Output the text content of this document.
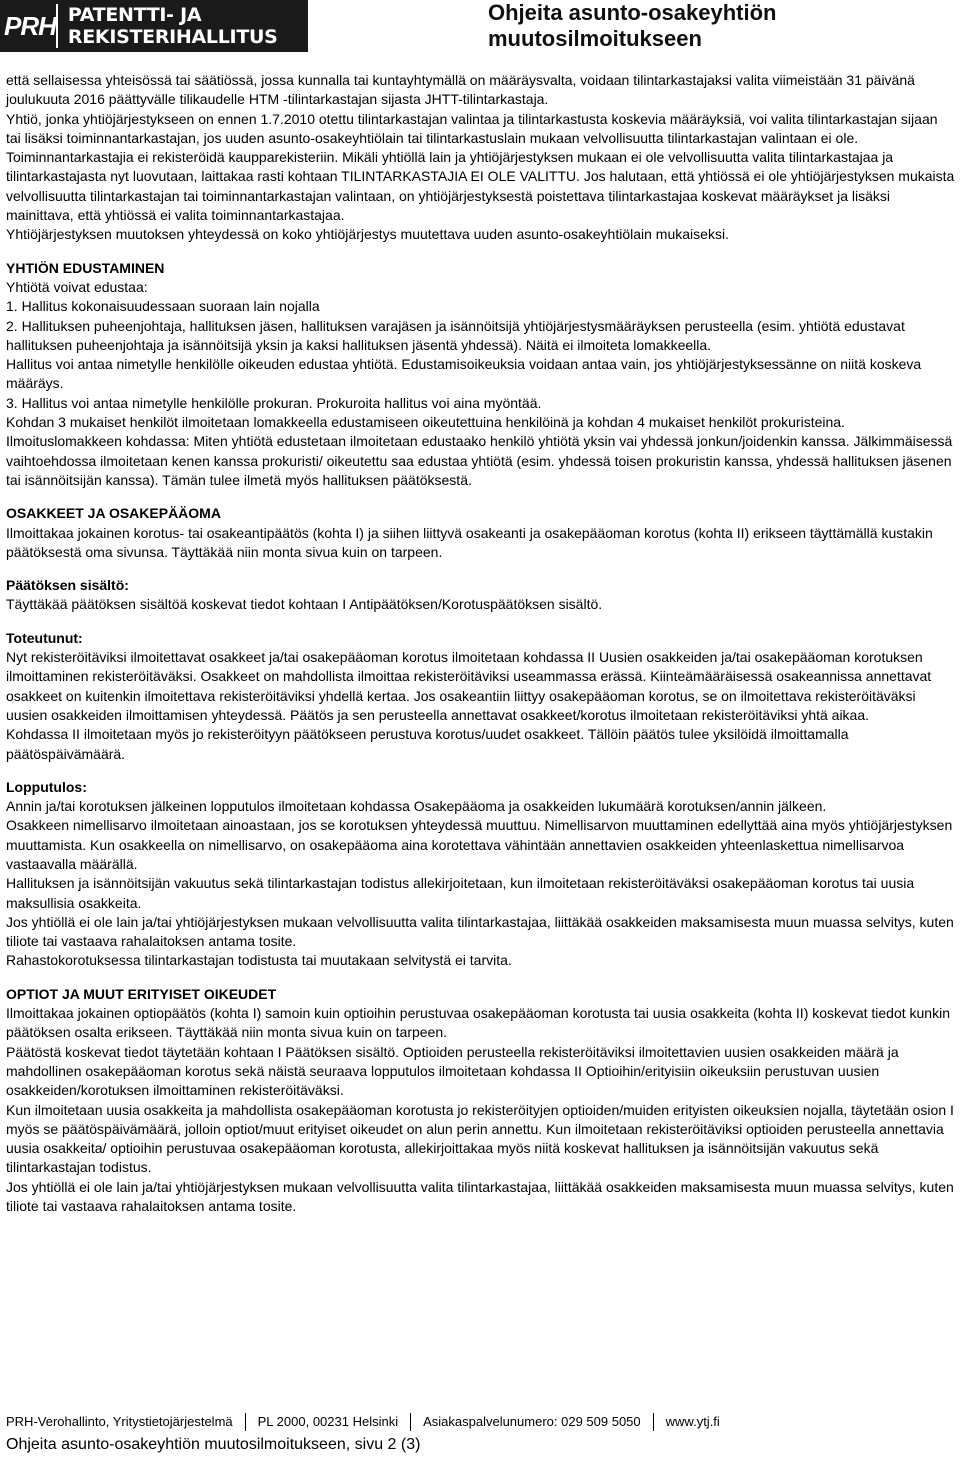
PRH PATENTTI- JA REKISTERIHALLITUS
Ohjeita asunto-osakeyhtiön
muutosilmoitukseen

että sellaisessa yhteisössä tai säätiössä, jossa kunnalla tai kuntayhtymällä on määräysvalta, voidaan tilintarkastajaksi valita viimeistään 31 päivänä joulukuuta 2016 päättyvälle tilikaudelle HTM -tilintarkastajan sijasta JHTT-tilintarkastaja.

Yhtiö, jonka yhtiöjärjestykseen on ennen 1.7.2010 otettu tilintarkastajan valintaa ja tilintarkastusta koskevia määräyksiä, voi valita tilintarkastajan sijaan tai lisäksi toiminnantarkastajan, jos uuden asunto-osakeyhtiölain tai tilintarkastuslain mukaan velvollisuutta tilintarkastajan valintaan ei ole.

Toiminnantarkastajia ei rekisteröidä kaupparekisteriin. Mikäli yhtiöllä lain ja yhtiöjärjestyksen mukaan ei ole velvollisuutta valita tilintarkastajaa ja tilintarkastajasta nyt luovutaan, laittakaa rasti kohtaan TILINTARKASTAJIA EI OLE VALITTU. Jos halutaan, että yhtiössä ei ole yhtiöjärjestyksen mukaista velvollisuutta tilintarkastajan tai toiminnantarkastajan valintaan, on yhtiöjärjestyksestä poistettava tilintarkastajaa koskevat määräykset ja lisäksi mainittava, että yhtiössä ei valita toiminnantarkastajaa.

Yhtiöjärjestyksen muutoksen yhteydessä on koko yhtiöjärjestys muutettava uuden asunto-osakeyhtiölain mukaiseksi.

YHTIÖN EDUSTAMINEN

Yhtiötä voivat edustaa:

1. Hallitus kokonaisuudessaan suoraan lain nojalla

2. Hallituksen puheenjohtaja, hallituksen jäsen, hallituksen varajäsen ja isännöitsijä yhtiöjärjestysmääräyksen perusteella (esim. yhtiötä edustavat hallituksen puheenjohtaja ja isännöitsijä yksin ja kaksi hallituksen jäsentä yhdessä). Näitä ei ilmoiteta lomakkeella.

Hallitus voi antaa nimetylle henkilölle oikeuden edustaa yhtiötä. Edustamisoikeuksia voidaan antaa vain, jos yhtiöjärjestyksessänne on niitä koskeva määräys.

3. Hallitus voi antaa nimetylle henkilölle prokuran. Prokuroita hallitus voi aina myöntää.

Kohdan 3 mukaiset henkilöt ilmoitetaan lomakkeella edustamiseen oikeutettuina henkilöinä ja kohdan 4 mukaiset henkilöt prokuristeina.

Ilmoituslomakkeen kohdassa: Miten yhtiötä edustetaan ilmoitetaan edustaako henkilö yhtiötä yksin vai yhdessä jonkun/joidenkin kanssa. Jälkimmäisessä vaihtoehdossa ilmoitetaan kenen kanssa prokuristi/ oikeutettu saa edustaa yhtiötä (esim. yhdessä toisen prokuristin kanssa, yhdessä hallituksen jäsenen tai isännöitsijän kanssa). Tämän tulee ilmetä myös hallituksen päätöksestä.

OSAKKEET JA OSAKEPÄÄOMA

Ilmoittakaa jokainen korotus- tai osakeantipäätös (kohta I) ja siihen liittyvä osakeanti ja osakepääoman korotus (kohta II) erikseen täyttämällä kustakin päätöksestä oma sivunsa. Täyttäkää niin monta sivua kuin on tarpeen.

Päätöksen sisältö:

Täyttäkää päätöksen sisältöä koskevat tiedot kohtaan I Antipäätöksen/Korotuspäätöksen sisältö.

Toteutunut:

Nyt rekisteröitäviksi ilmoitettavat osakkeet ja/tai osakepääoman korotus ilmoitetaan kohdassa II Uusien osakkeiden ja/tai osakepääoman korotuksen ilmoittaminen rekisteröitäväksi. Osakkeet on mahdollista ilmoittaa rekisteröitäviksi useammassa erässä. Kiinteämääräisessä osakeannissa annettavat osakkeet on kuitenkin ilmoitettava rekisteröitäviksi yhdellä kertaa. Jos osakeantiin liittyy osakepääoman korotus, se on ilmoitettava rekisteröitäväksi uusien osakkeiden ilmoittamisen yhteydessä. Päätös ja sen perusteella annettavat osakkeet/korotus ilmoitetaan rekisteröitäviksi yhtä aikaa.

Kohdassa II ilmoitetaan myös jo rekisteröityyn päätökseen perustuva korotus/uudet osakkeet. Tällöin päätös tulee yksilöidä ilmoittamalla päätöspäivämäärä.

Lopputulos:

Annin ja/tai korotuksen jälkeinen lopputulos ilmoitetaan kohdassa Osakepääoma ja osakkeiden lukumäärä korotuksen/annin jälkeen.

Osakkeen nimellisarvo ilmoitetaan ainoastaan, jos se korotuksen yhteydessä muuttuu. Nimellisarvon muuttaminen edellyttää aina myös yhtiöjärjestyksen muuttamista. Kun osakkeella on nimellisarvo, on osakepääoma aina korotettava vähintään annettavien osakkeiden yhteenlaskettua nimellisarvoa vastaavalla määrällä.

Hallituksen ja isännöitsijän vakuutus sekä tilintarkastajan todistus allekirjoitetaan, kun ilmoitetaan rekisteröitäväksi osakepääoman korotus tai uusia maksullisia osakkeita.

Jos yhtiöllä ei ole lain ja/tai yhtiöjärjestyksen mukaan velvollisuutta valita tilintarkastajaa, liittäkää osakkeiden maksamisesta muun muassa selvitys, kuten tiliote tai vastaava rahalaitoksen antama tosite.

Rahastokorotuksessa tilintarkastajan todistusta tai muutakaan selvitystä ei tarvita.

OPTIOT JA MUUT ERITYISET OIKEUDET

Ilmoittakaa jokainen optiopäätös (kohta I) samoin kuin optioihin perustuvaa osakepääoman korotusta tai uusia osakkeita (kohta II) koskevat tiedot kunkin päätöksen osalta erikseen. Täyttäkää niin monta sivua kuin on tarpeen.

Päätöstä koskevat tiedot täytetään kohtaan I Päätöksen sisältö. Optioiden perusteella rekisteröitäviksi ilmoitettavien uusien osakkeiden määrä ja mahdollinen osakepääoman korotus sekä näistä seuraava lopputulos ilmoitetaan kohdassa II Optioihin/erityisiin oikeuksiin perustuvan uusien osakkeiden/korotuksen ilmoittaminen rekisteröitäväksi.

Kun ilmoitetaan uusia osakkeita ja mahdollista osakepääoman korotusta jo rekisteröityjen optioiden/muiden erityisten oikeuksien nojalla, täytetään osion I myös se päätöspäivämäärä, jolloin optiot/muut erityiset oikeudet on alun perin annettu. Kun ilmoitetaan rekisteröitäviksi optioiden perusteella annettavia uusia osakkeita/ optioihin perustuvaa osakepääoman korotusta, allekirjoittakaa myös niitä koskevat hallituksen ja isännöitsijän vakuutus sekä tilintarkastajan todistus.

Jos yhtiöllä ei ole lain ja/tai yhtiöjärjestyksen mukaan velvollisuutta valita tilintarkastajaa, liittäkää osakkeiden maksamisesta muun muassa selvitys, kuten tiliote tai vastaava rahalaitoksen antama tosite.

PRH-Verohallinto, Yritystietojärjestelmä	PL 2000, 00231 Helsinki	Asiakaspalvelunumero: 029 509 5050	www.ytj.fi
Ohjeita asunto-osakeyhtiön muutosilmoitukseen, sivu 2 (3)
